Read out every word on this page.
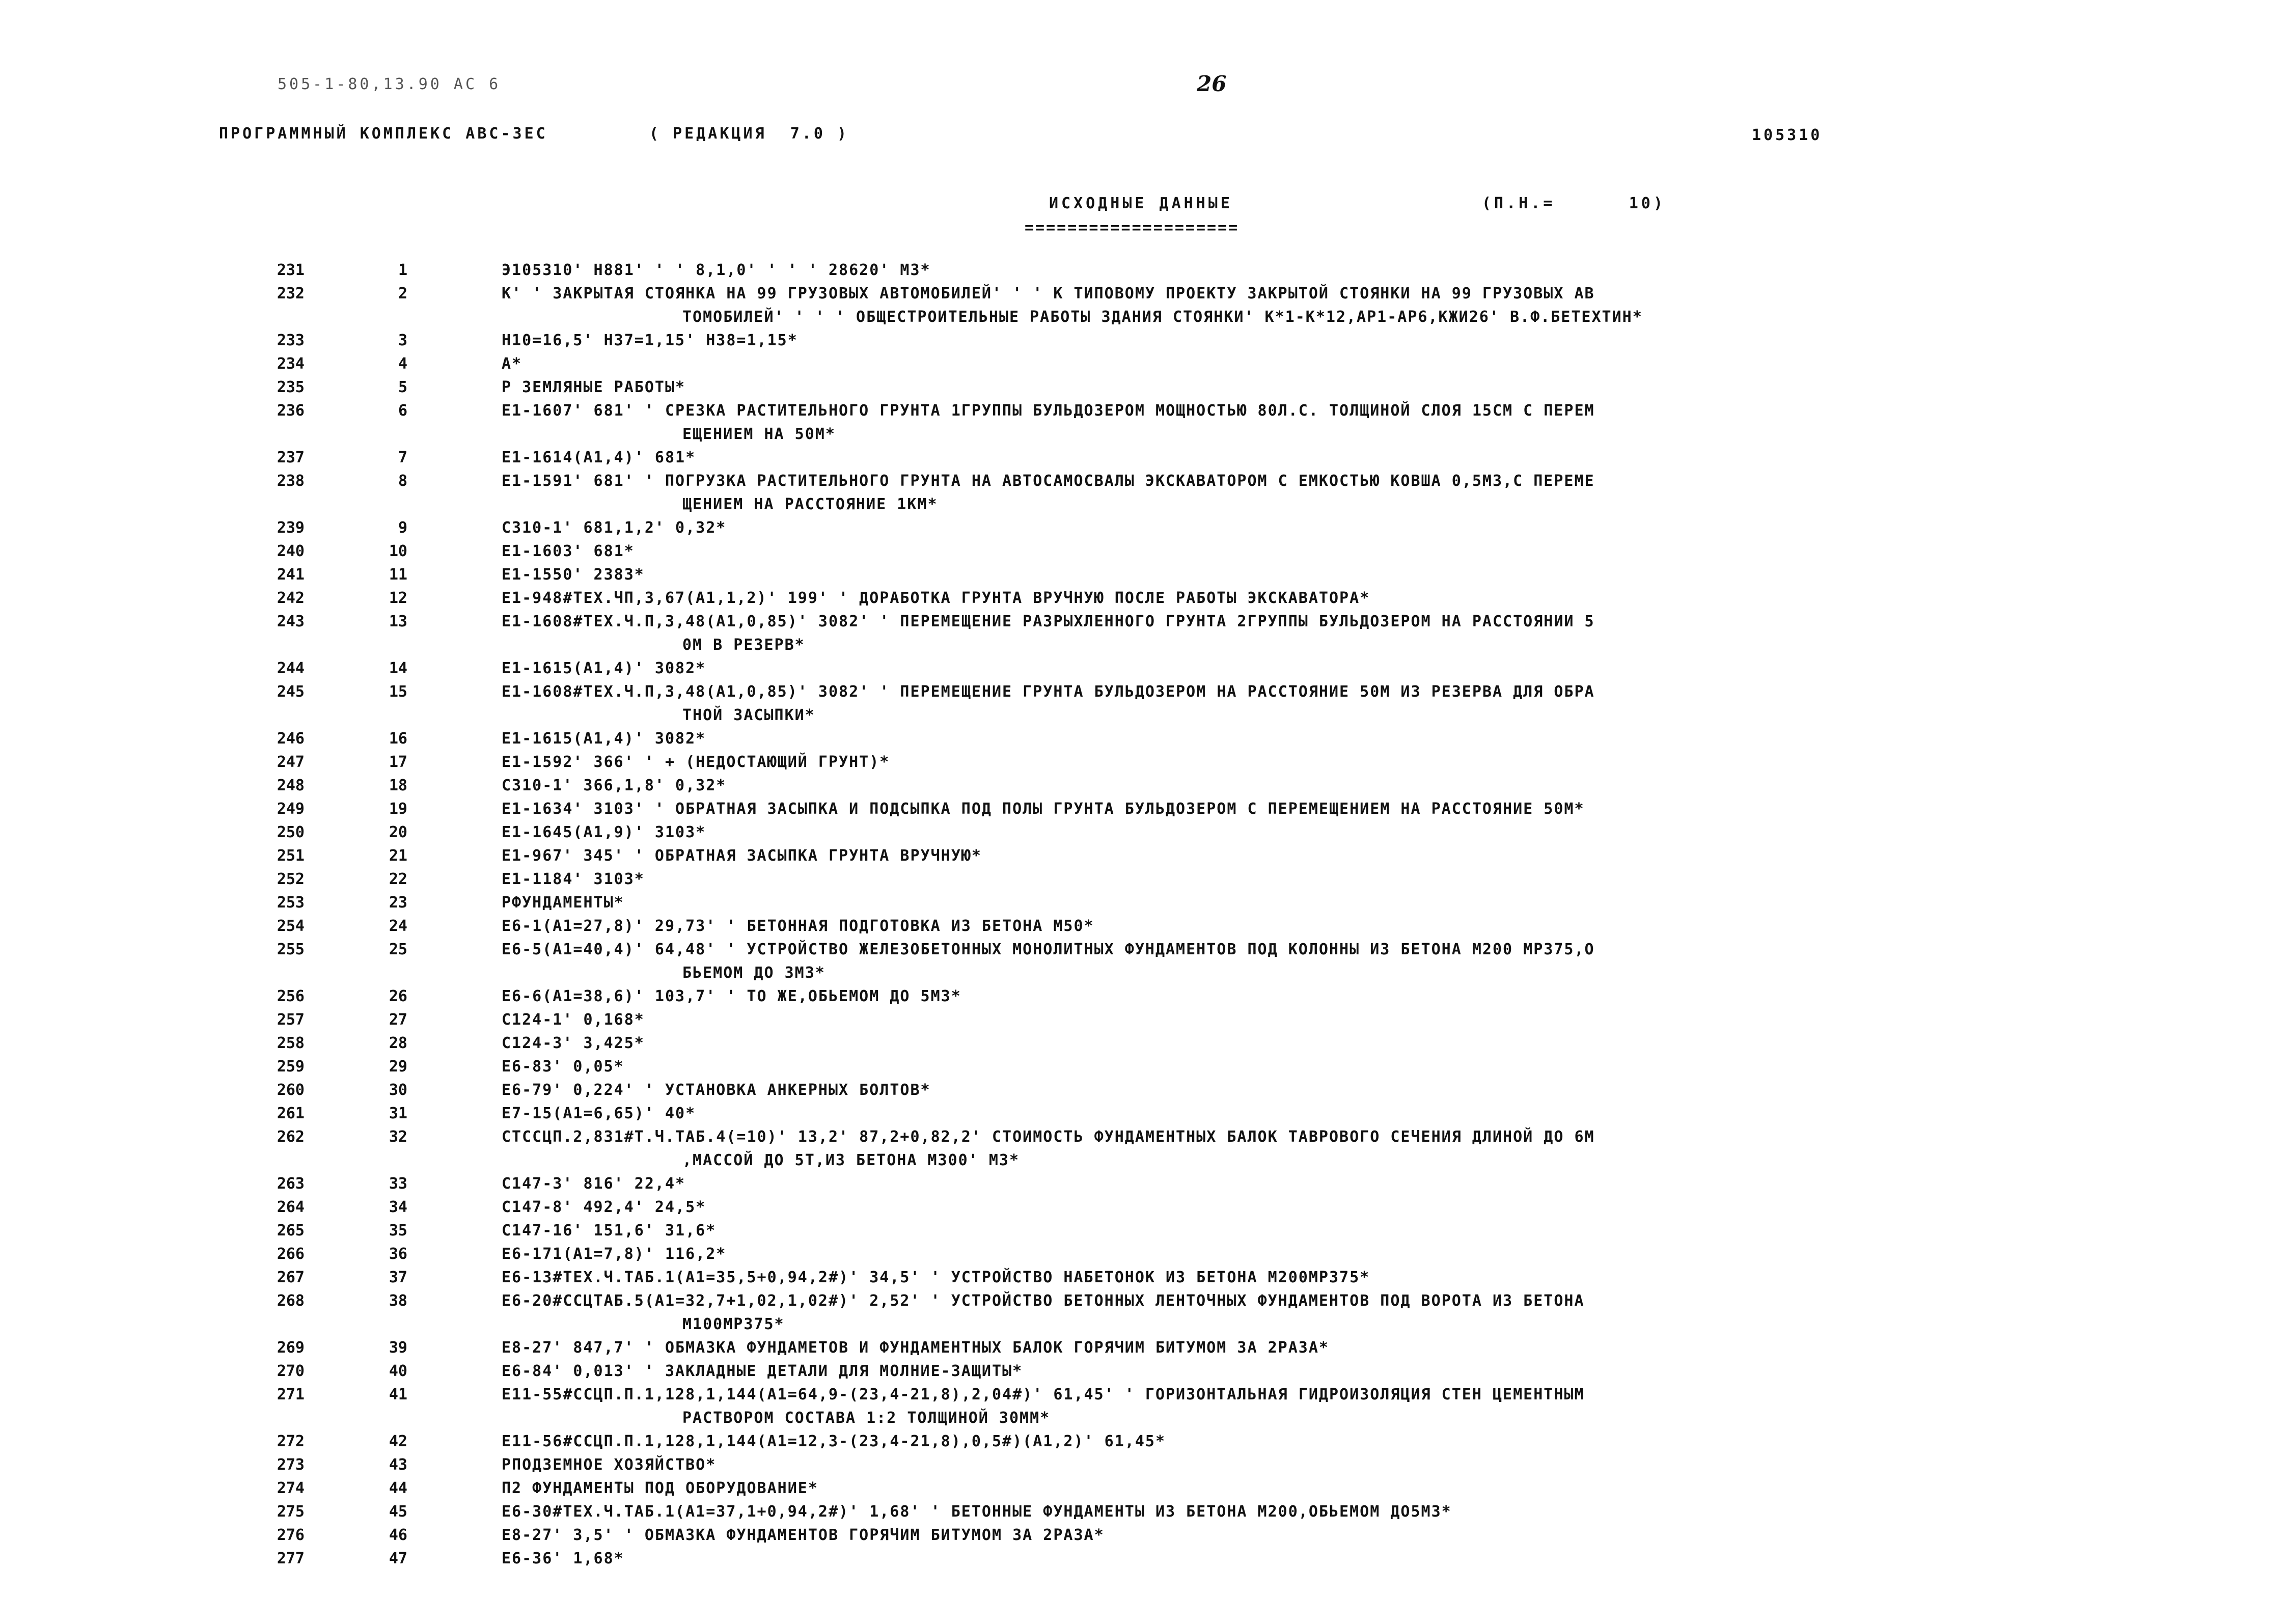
505-1-80,13.90 АС 6

	26

ПРОГРАММНЫЙ КОМПЛЕКС АВС-3ЕС

	( РЕДАКЦИЯ  7.0 )

	105310

ИСХОДНЫЕ ДАННЫЕ

====================

(П.Н.=      10)

231	1	Э105310' Н881' ' ' 8,1,0' ' ' ' 28620' М3*
232	2	К' ' ЗАКРЫТАЯ СТОЯНКА НА 99 ГРУЗОВЫХ АВТОМОБИЛЕЙ' ' ' К ТИПОВОМУ ПРОЕКТУ ЗАКРЫТОЙ СТОЯНКИ НА 99 ГРУЗОВЫХ АВ
ТОМОБИЛЕЙ' ' ' ' ОБЩЕСТРОИТЕЛЬНЫЕ РАБОТЫ ЗДАНИЯ СТОЯНКИ' К*1-К*12,АР1-АР6,КЖИ26' В.Ф.БЕТЕХТИН*
233	3	Н10=16,5' Н37=1,15' Н38=1,15*
234	4	А*
235	5	Р ЗЕМЛЯНЫЕ РАБОТЫ*
236	6	Е1-1607' 681' ' СРЕЗКА РАСТИТЕЛЬНОГО ГРУНТА 1ГРУППЫ БУЛЬДОЗЕРОМ МОЩНОСТЬЮ 80Л.С. ТОЛЩИНОЙ СЛОЯ 15СМ С ПЕРЕМ
ЕЩЕНИЕМ НА 50М*
237	7	Е1-1614(А1,4)' 681*
238	8	Е1-1591' 681' ' ПОГРУЗКА РАСТИТЕЛЬНОГО ГРУНТА НА АВТОСАМОСВАЛЫ ЭКСКАВАТОРОМ С ЕМКОСТЬЮ КОВША 0,5М3,С ПЕРЕМЕ
ЩЕНИЕМ НА РАССТОЯНИЕ 1КМ*
239	9	С310-1' 681,1,2' 0,32*
240	10	Е1-1603' 681*
241	11	Е1-1550' 2383*
242	12	Е1-948#ТЕХ.ЧП,3,67(А1,1,2)' 199' ' ДОРАБОТКА ГРУНТА ВРУЧНУЮ ПОСЛЕ РАБОТЫ ЭКСКАВАТОРА*
243	13	Е1-1608#ТЕХ.Ч.П,3,48(А1,0,85)' 3082' ' ПЕРЕМЕЩЕНИЕ РАЗРЫХЛЕННОГО ГРУНТА 2ГРУППЫ БУЛЬДОЗЕРОМ НА РАССТОЯНИИ 5
0М В РЕЗЕРВ*
244	14	Е1-1615(А1,4)' 3082*
245	15	Е1-1608#ТЕХ.Ч.П,3,48(А1,0,85)' 3082' ' ПЕРЕМЕЩЕНИЕ ГРУНТА БУЛЬДОЗЕРОМ НА РАССТОЯНИЕ 50М ИЗ РЕЗЕРВА ДЛЯ ОБРА
ТНОЙ ЗАСЫПКИ*
246	16	Е1-1615(А1,4)' 3082*
247	17	Е1-1592' 366' ' + (НЕДОСТАЮЩИЙ ГРУНТ)*
248	18	С310-1' 366,1,8' 0,32*
249	19	Е1-1634' 3103' ' ОБРАТНАЯ ЗАСЫПКА И ПОДСЫПКА ПОД ПОЛЫ ГРУНТА БУЛЬДОЗЕРОМ С ПЕРЕМЕЩЕНИЕМ НА РАССТОЯНИЕ 50М*
250	20	Е1-1645(А1,9)' 3103*
251	21	Е1-967' 345' ' ОБРАТНАЯ ЗАСЫПКА ГРУНТА ВРУЧНУЮ*
252	22	Е1-1184' 3103*
253	23	РФУНДАМЕНТЫ*
254	24	Е6-1(А1=27,8)' 29,73' ' БЕТОННАЯ ПОДГОТОВКА ИЗ БЕТОНА М50*
255	25	Е6-5(А1=40,4)' 64,48' ' УСТРОЙСТВО ЖЕЛЕЗОБЕТОННЫХ МОНОЛИТНЫХ ФУНДАМЕНТОВ ПОД КОЛОННЫ ИЗ БЕТОНА М200 МР375,О
БЬЕМОМ ДО 3М3*
256	26	Е6-6(А1=38,6)' 103,7' ' ТО ЖЕ,ОБЬЕМОМ ДО 5М3*
257	27	С124-1' 0,168*
258	28	С124-3' 3,425*
259	29	Е6-83' 0,05*
260	30	Е6-79' 0,224' ' УСТАНОВКА АНКЕРНЫХ БОЛТОВ*
261	31	Е7-15(А1=6,65)' 40*
262	32	СТССЦП.2,831#Т.Ч.ТАБ.4(=10)' 13,2' 87,2+0,82,2' СТОИМОСТЬ ФУНДАМЕНТНЫХ БАЛОК ТАВРОВОГО СЕЧЕНИЯ ДЛИНОЙ ДО 6М
,МАССОЙ ДО 5Т,ИЗ БЕТОНА М300' М3*
263	33	С147-3' 816' 22,4*
264	34	С147-8' 492,4' 24,5*
265	35	С147-16' 151,6' 31,6*
266	36	Е6-171(А1=7,8)' 116,2*
267	37	Е6-13#ТЕХ.Ч.ТАБ.1(А1=35,5+0,94,2#)' 34,5' ' УСТРОЙСТВО НАБЕТОНОК ИЗ БЕТОНА М200МР375*
268	38	Е6-20#ССЦТАБ.5(А1=32,7+1,02,1,02#)' 2,52' ' УСТРОЙСТВО БЕТОННЫХ ЛЕНТОЧНЫХ ФУНДАМЕНТОВ ПОД ВОРОТА ИЗ БЕТОНА
М100МР375*
269	39	Е8-27' 847,7' ' ОБМАЗКА ФУНДАМЕТОВ И ФУНДАМЕНТНЫХ БАЛОК ГОРЯЧИМ БИТУМОМ ЗА 2РАЗА*
270	40	Е6-84' 0,013' ' ЗАКЛАДНЫЕ ДЕТАЛИ ДЛЯ МОЛНИЕ-ЗАЩИТЫ*
271	41	Е11-55#ССЦП.П.1,128,1,144(А1=64,9-(23,4-21,8),2,04#)' 61,45' ' ГОРИЗОНТАЛЬНАЯ ГИДРОИЗОЛЯЦИЯ СТЕН ЦЕМЕНТНЫМ
РАСТВОРОМ СОСТАВА 1:2 ТОЛЩИНОЙ 30ММ*
272	42	Е11-56#ССЦП.П.1,128,1,144(А1=12,3-(23,4-21,8),0,5#)(А1,2)' 61,45*
273	43	РПОДЗЕМНОЕ ХОЗЯЙСТВО*
274	44	П2 ФУНДАМЕНТЫ ПОД ОБОРУДОВАНИЕ*
275	45	Е6-30#ТЕХ.Ч.ТАБ.1(А1=37,1+0,94,2#)' 1,68' ' БЕТОННЫЕ ФУНДАМЕНТЫ ИЗ БЕТОНА М200,ОБЬЕМОМ ДО5М3*
276	46	Е8-27' 3,5' ' ОБМАЗКА ФУНДАМЕНТОВ ГОРЯЧИМ БИТУМОМ ЗА 2РАЗА*
277	47	Е6-36' 1,68*
